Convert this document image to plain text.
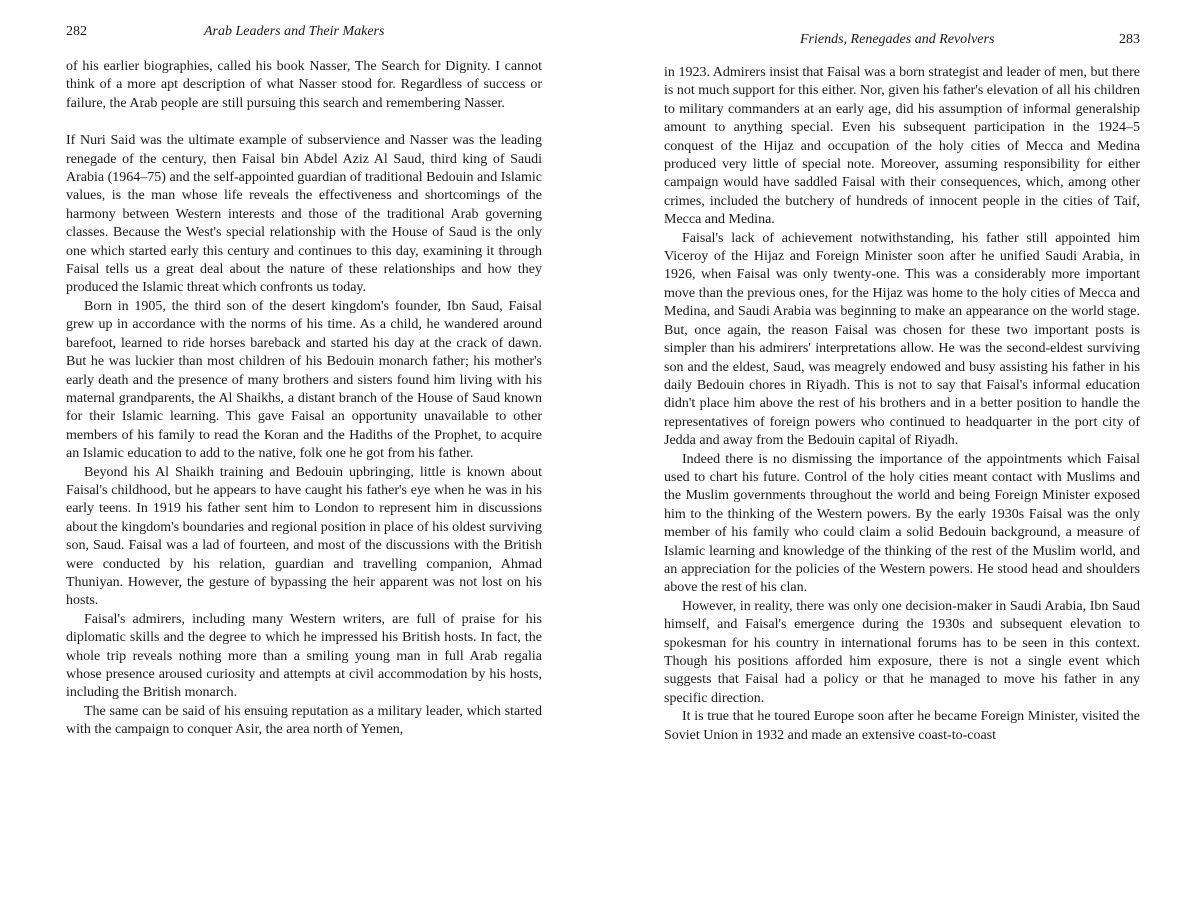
282	Arab Leaders and Their Makers

of his earlier biographies, called his book Nasser, The Search for Dignity. I cannot think of a more apt description of what Nasser stood for. Regardless of success or failure, the Arab people are still pursuing this search and remembering Nasser.

If Nuri Said was the ultimate example of subservience and Nasser was the leading renegade of the century, then Faisal bin Abdel Aziz Al Saud, third king of Saudi Arabia (1964–75) and the self-appointed guardian of traditional Bedouin and Islamic values, is the man whose life reveals the effectiveness and shortcomings of the harmony between Western interests and those of the traditional Arab governing classes. Because the West's special relationship with the House of Saud is the only one which started early this century and continues to this day, examining it through Faisal tells us a great deal about the nature of these relationships and how they produced the Islamic threat which confronts us today.

Born in 1905, the third son of the desert kingdom's founder, Ibn Saud, Faisal grew up in accordance with the norms of his time. As a child, he wandered around barefoot, learned to ride horses bareback and started his day at the crack of dawn. But he was luckier than most children of his Bedouin monarch father; his mother's early death and the presence of many brothers and sisters found him living with his maternal grandparents, the Al Shaikhs, a distant branch of the House of Saud known for their Islamic learning. This gave Faisal an opportunity unavailable to other members of his family to read the Koran and the Hadiths of the Prophet, to acquire an Islamic education to add to the native, folk one he got from his father.

Beyond his Al Shaikh training and Bedouin upbringing, little is known about Faisal's childhood, but he appears to have caught his father's eye when he was in his early teens. In 1919 his father sent him to London to represent him in discussions about the kingdom's boundaries and regional position in place of his oldest surviving son, Saud. Faisal was a lad of fourteen, and most of the discussions with the British were conducted by his relation, guardian and travelling companion, Ahmad Thuniyan. However, the gesture of bypassing the heir apparent was not lost on his hosts.

Faisal's admirers, including many Western writers, are full of praise for his diplomatic skills and the degree to which he impressed his British hosts. In fact, the whole trip reveals nothing more than a smiling young man in full Arab regalia whose presence aroused curiosity and attempts at civil accommodation by his hosts, including the British monarch.

The same can be said of his ensuing reputation as a military leader, which started with the campaign to conquer Asir, the area north of Yemen,

Friends, Renegades and Revolvers	283

in 1923. Admirers insist that Faisal was a born strategist and leader of men, but there is not much support for this either. Nor, given his father's elevation of all his children to military commanders at an early age, did his assumption of informal generalship amount to anything special. Even his subsequent participation in the 1924–5 conquest of the Hijaz and occupation of the holy cities of Mecca and Medina produced very little of special note. Moreover, assuming responsibility for either campaign would have saddled Faisal with their consequences, which, among other crimes, included the butchery of hundreds of innocent people in the cities of Taif, Mecca and Medina.

Faisal's lack of achievement notwithstanding, his father still appointed him Viceroy of the Hijaz and Foreign Minister soon after he unified Saudi Arabia, in 1926, when Faisal was only twenty-one. This was a considerably more important move than the previous ones, for the Hijaz was home to the holy cities of Mecca and Medina, and Saudi Arabia was beginning to make an appearance on the world stage. But, once again, the reason Faisal was chosen for these two important posts is simpler than his admirers' interpretations allow. He was the second-eldest surviving son and the eldest, Saud, was meagrely endowed and busy assisting his father in his daily Bedouin chores in Riyadh. This is not to say that Faisal's informal education didn't place him above the rest of his brothers and in a better position to handle the representatives of foreign powers who continued to headquarter in the port city of Jedda and away from the Bedouin capital of Riyadh.

Indeed there is no dismissing the importance of the appointments which Faisal used to chart his future. Control of the holy cities meant contact with Muslims and the Muslim governments throughout the world and being Foreign Minister exposed him to the thinking of the Western powers. By the early 1930s Faisal was the only member of his family who could claim a solid Bedouin background, a measure of Islamic learning and knowledge of the thinking of the rest of the Muslim world, and an appreciation for the policies of the Western powers. He stood head and shoulders above the rest of his clan.

However, in reality, there was only one decision-maker in Saudi Arabia, Ibn Saud himself, and Faisal's emergence during the 1930s and subsequent elevation to spokesman for his country in international forums has to be seen in this context. Though his positions afforded him exposure, there is not a single event which suggests that Faisal had a policy or that he managed to move his father in any specific direction.

It is true that he toured Europe soon after he became Foreign Minister, visited the Soviet Union in 1932 and made an extensive coast-to-coast
